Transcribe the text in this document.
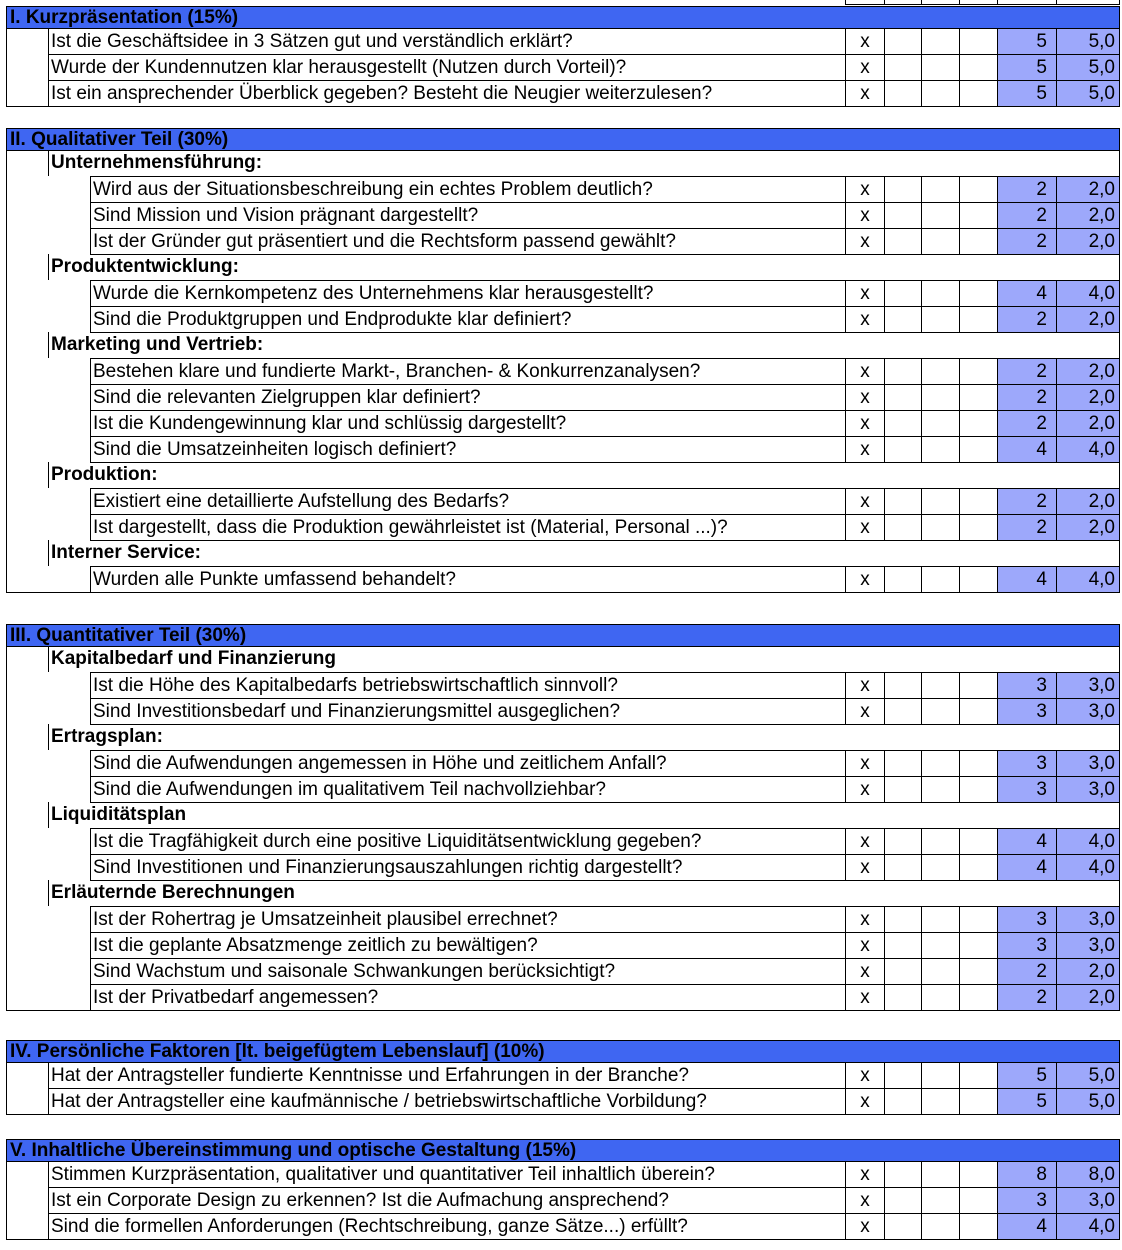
I. Kurzpräsentation (15%)
Ist die Geschäftsidee in 3 Sätzen gut und verständlich erklärt?	x	5	5,0
Wurde der Kundennutzen klar herausgestellt (Nutzen durch Vorteil)?	x	5	5,0
Ist ein ansprechender Überblick gegeben? Besteht die Neugier weiterzulesen?	x	5	5,0
II. Qualitativer Teil (30%)
Unternehmensführung:
Wird aus der Situationsbeschreibung ein echtes Problem deutlich?	x	2	2,0
Sind Mission und Vision prägnant dargestellt?	x	2	2,0
Ist der Gründer gut präsentiert und die Rechtsform passend gewählt?	x	2	2,0
Produktentwicklung:
Wurde die Kernkompetenz des Unternehmens klar herausgestellt?	x	4	4,0
Sind die Produktgruppen und Endprodukte klar definiert?	x	2	2,0
Marketing und Vertrieb:
Bestehen klare und fundierte Markt-, Branchen- & Konkurrenzanalysen?	x	2	2,0
Sind die relevanten Zielgruppen klar definiert?	x	2	2,0
Ist die Kundengewinnung klar und schlüssig dargestellt?	x	2	2,0
Sind die Umsatzeinheiten logisch definiert?	x	4	4,0
Produktion:
Existiert eine detaillierte Aufstellung des Bedarfs?	x	2	2,0
Ist dargestellt, dass die Produktion gewährleistet ist (Material, Personal ...)?	x	2	2,0
Interner Service:
Wurden alle Punkte umfassend behandelt?	x	4	4,0
III. Quantitativer Teil (30%)
Kapitalbedarf und Finanzierung
Ist die Höhe des Kapitalbedarfs betriebswirtschaftlich sinnvoll?	x	3	3,0
Sind Investitionsbedarf und Finanzierungsmittel ausgeglichen?	x	3	3,0
Ertragsplan:
Sind die Aufwendungen angemessen in Höhe und zeitlichem Anfall?	x	3	3,0
Sind die Aufwendungen im qualitativem Teil nachvollziehbar?	x	3	3,0
Liquiditätsplan
Ist die Tragfähigkeit durch eine positive Liquiditätsentwicklung gegeben?	x	4	4,0
Sind Investitionen und Finanzierungsauszahlungen richtig dargestellt?	x	4	4,0
Erläuternde Berechnungen
Ist der Rohertrag je Umsatzeinheit plausibel errechnet?	x	3	3,0
Ist die geplante Absatzmenge zeitlich zu bewältigen?	x	3	3,0
Sind Wachstum und saisonale Schwankungen berücksichtigt?	x	2	2,0
Ist der Privatbedarf angemessen?	x	2	2,0
IV. Persönliche Faktoren [lt. beigefügtem Lebenslauf] (10%)
Hat der Antragsteller fundierte Kenntnisse und Erfahrungen in der Branche?	x	5	5,0
Hat der Antragsteller eine kaufmännische / betriebswirtschaftliche Vorbildung?	x	5	5,0
V. Inhaltliche Übereinstimmung und optische Gestaltung (15%)
Stimmen Kurzpräsentation, qualitativer und quantitativer Teil inhaltlich überein?	x	8	8,0
Ist ein Corporate Design zu erkennen? Ist die Aufmachung ansprechend?	x	3	3,0
Sind die formellen Anforderungen (Rechtschreibung, ganze Sätze...) erfüllt?	x	4	4,0
